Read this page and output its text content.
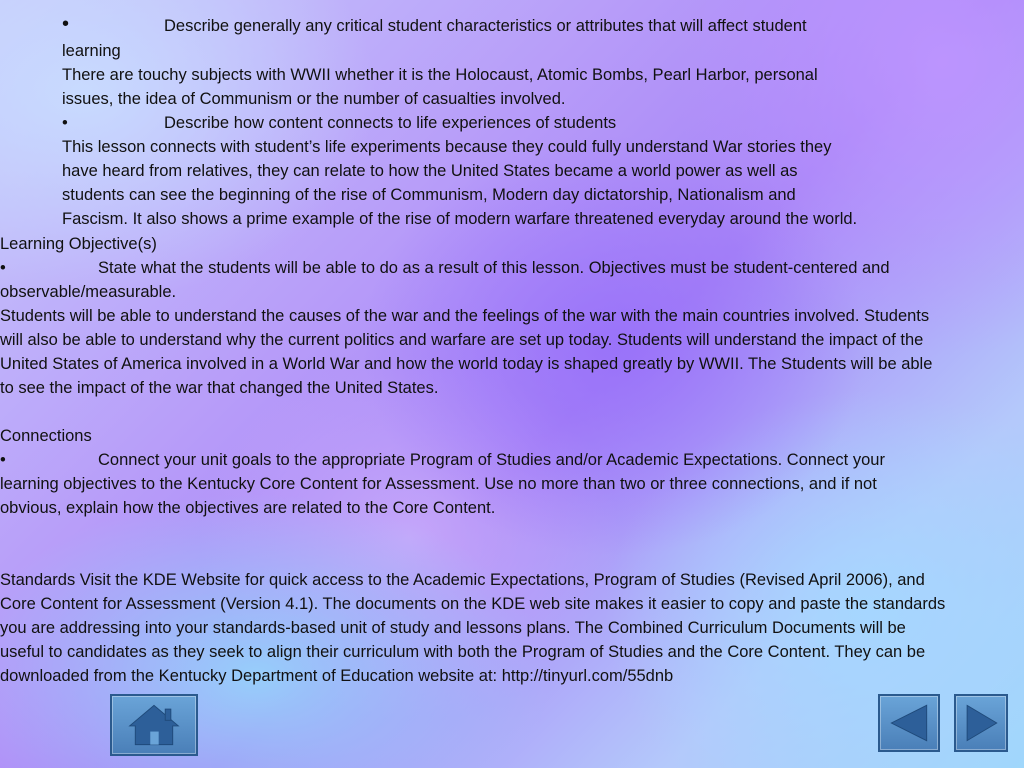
•	Describe generally any critical student characteristics or attributes that will affect student
learning
There are touchy subjects with WWII whether it is the Holocaust, Atomic Bombs, Pearl Harbor, personal
issues, the idea of Communism or the number of casualties involved.
•	Describe how content connects to life experiences of students
This lesson connects with student’s life experiments because they could fully understand War stories they
have heard from relatives, they can relate to how the United States became a world power as well as
students can see the beginning of the rise of Communism, Modern day dictatorship, Nationalism and
Fascism. It also shows a prime example of the rise of modern warfare threatened everyday around the world.
Learning Objective(s)
•	State what the students will be able to do as a result of this lesson. Objectives must be student-centered and
observable/measurable.
Students will be able to understand the causes of the war and the feelings of the war with the main countries involved. Students
will also be able to understand why the current politics and warfare are set up today. Students will understand the impact of the
United States of America involved in a World War and how the world today is shaped greatly by WWII. The Students will be able
to see the impact of the war that changed the United States.
Connections
•	Connect your unit goals to the appropriate Program of Studies and/or Academic Expectations. Connect your
learning objectives to the Kentucky Core Content for Assessment. Use no more than two or three connections, and if not
obvious, explain how the objectives are related to the Core Content.
Standards Visit the KDE Website for quick access to the Academic Expectations, Program of Studies (Revised April 2006), and
Core Content for Assessment (Version 4.1). The documents on the KDE web site makes it easier to copy and paste the standards
you are addressing into your standards-based unit of study and lessons plans. The Combined Curriculum Documents will be
useful to candidates as they seek to align their curriculum with both the Program of Studies and the Core Content. They can be
downloaded from the Kentucky Department of Education website at: http://tinyurl.com/55dnb
